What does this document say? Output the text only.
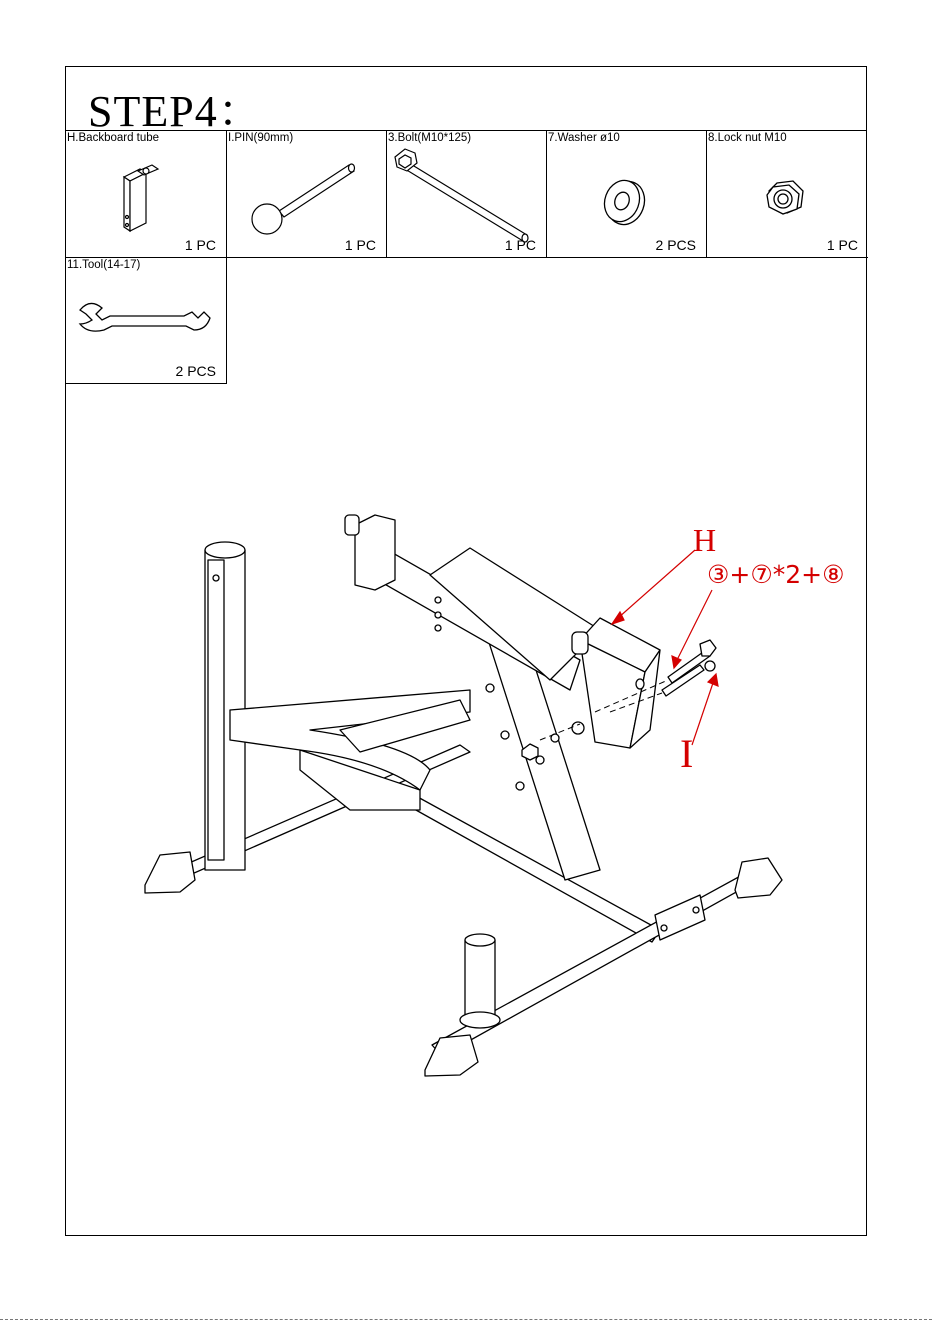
STEP4：
H.Backboard tube
1 PC
I.PIN(90mm)
1 PC
3.Bolt(M10*125)
1 PC
7.Washer ø10
2 PCS
8.Lock nut M10
1 PC
11.Tool(14-17)
2 PCS
H
③+⑦*2+⑧
I
